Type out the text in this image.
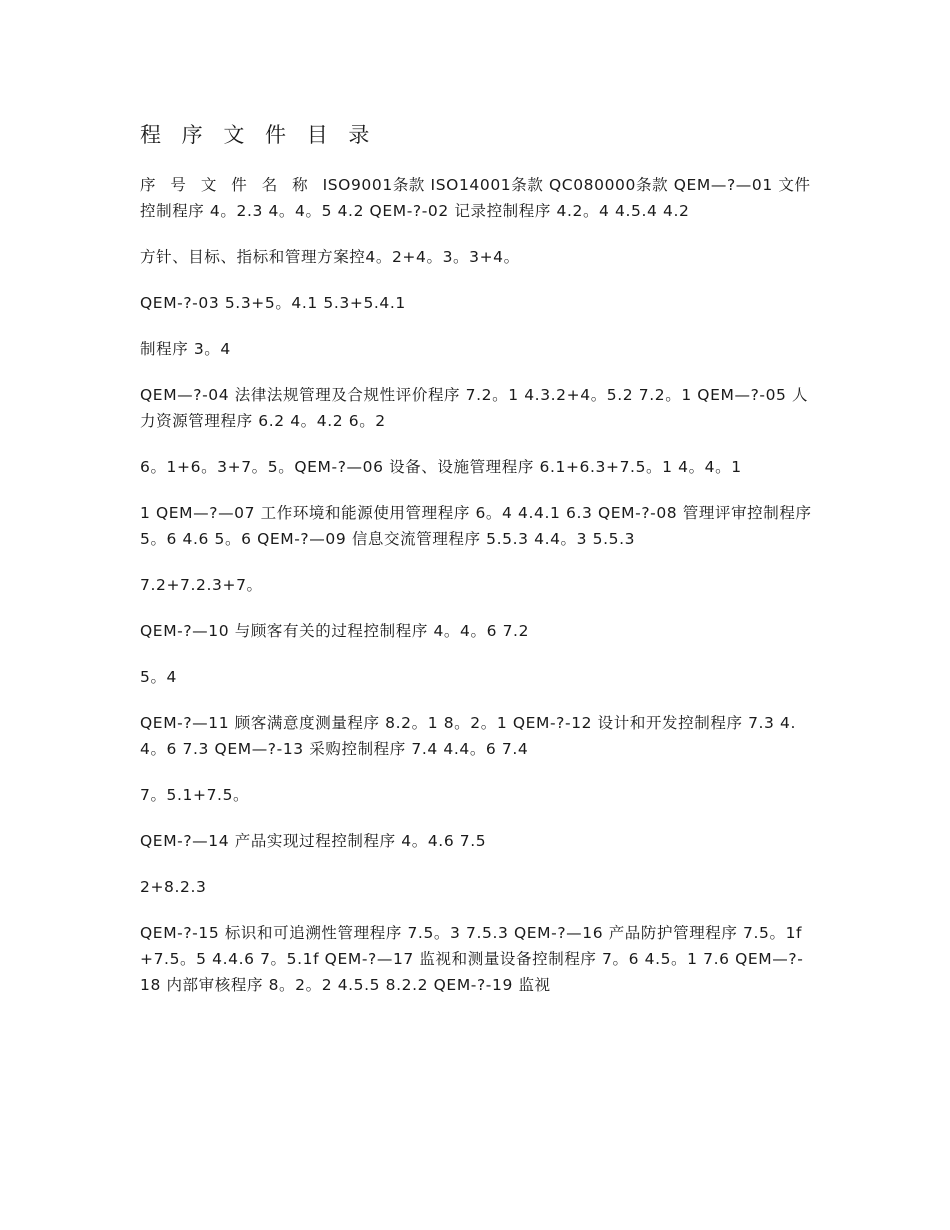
程 序 文 件 目 录

序 号 文 件 名 称 ISO9001条款 ISO14001条款 QC080000条款 QEM—?—01 文件控制程序 4。2.3 4。4。5 4.2 QEM-?-02 记录控制程序 4.2。4 4.5.4 4.2

方针、目标、指标和管理方案控4。2+4。3。3+4。

QEM-?-03 5.3+5。4.1 5.3+5.4.1

制程序 3。4

QEM—?-04 法律法规管理及合规性评价程序 7.2。1 4.3.2+4。5.2 7.2。1 QEM—?-05 人力资源管理程序 6.2 4。4.2 6。2

6。1+6。3+7。5。QEM-?—06 设备、设施管理程序 6.1+6.3+7.5。1 4。4。1

1 QEM—?—07 工作环境和能源使用管理程序 6。4 4.4.1 6.3 QEM-?-08 管理评审控制程序 5。6 4.6 5。6 QEM-?—09 信息交流管理程序 5.5.3 4.4。3 5.5.3

7.2+7.2.3+7。

QEM-?—10 与顾客有关的过程控制程序 4。4。6 7.2

5。4

QEM-?—11 顾客满意度测量程序 8.2。1 8。2。1 QEM-?-12 设计和开发控制程序 7.3 4.4。6 7.3 QEM—?-13 采购控制程序 7.4 4.4。6 7.4

7。5.1+7.5。

QEM-?—14 产品实现过程控制程序 4。4.6 7.5

2+8.2.3

QEM-?-15 标识和可追溯性管理程序 7.5。3 7.5.3 QEM-?—16 产品防护管理程序 7.5。1f+7.5。5 4.4.6 7。5.1f QEM-?—17 监视和测量设备控制程序 7。6 4.5。1 7.6 QEM—?-18 内部审核程序 8。2。2 4.5.5 8.2.2 QEM-?-19 监视
